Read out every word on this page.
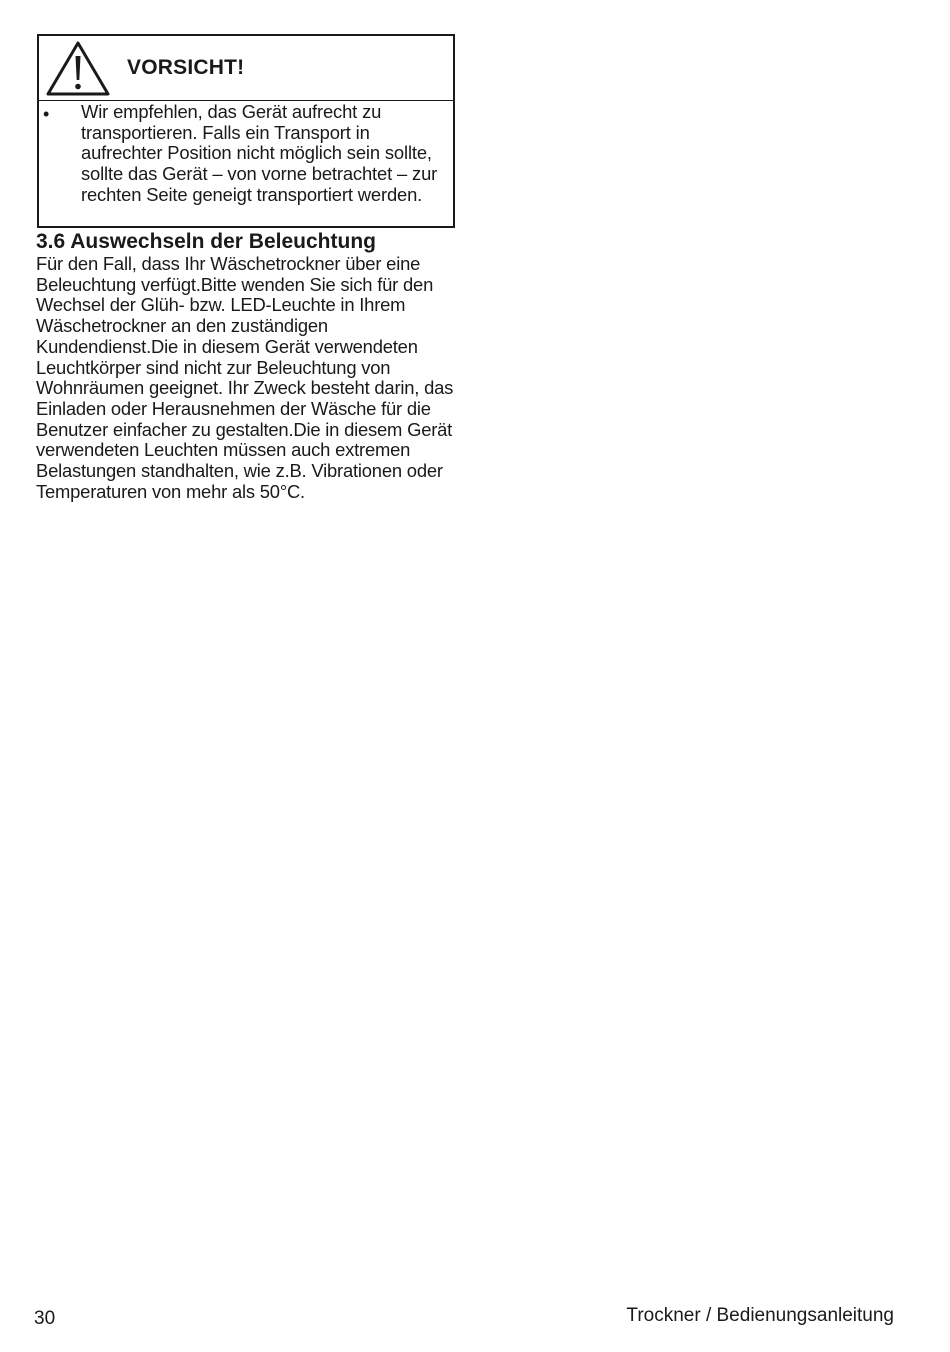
VORSICHT!
• Wir empfehlen, das Gerät aufrecht zu transportieren. Falls ein Transport in aufrechter Position nicht möglich sein sollte, sollte das Gerät – von vorne betrachtet – zur rechten Seite geneigt transportiert werden.
3.6 Auswechseln der Beleuchtung
Für den Fall, dass Ihr Wäschetrockner über eine Beleuchtung verfügt.Bitte wenden Sie sich für den Wechsel der Glüh- bzw. LED-Leuchte in Ihrem Wäschetrockner an den zuständigen Kundendienst.Die in diesem Gerät verwendeten Leuchtkörper sind nicht zur Beleuchtung von Wohnräumen geeignet. Ihr Zweck besteht darin, das Einladen oder Herausnehmen der Wäsche für die Benutzer einfacher zu gestalten.Die in diesem Gerät verwendeten Leuchten müssen auch extremen Belastungen standhalten, wie z.B. Vibrationen oder Temperaturen von mehr als 50°C.
30	Trockner / Bedienungsanleitung
